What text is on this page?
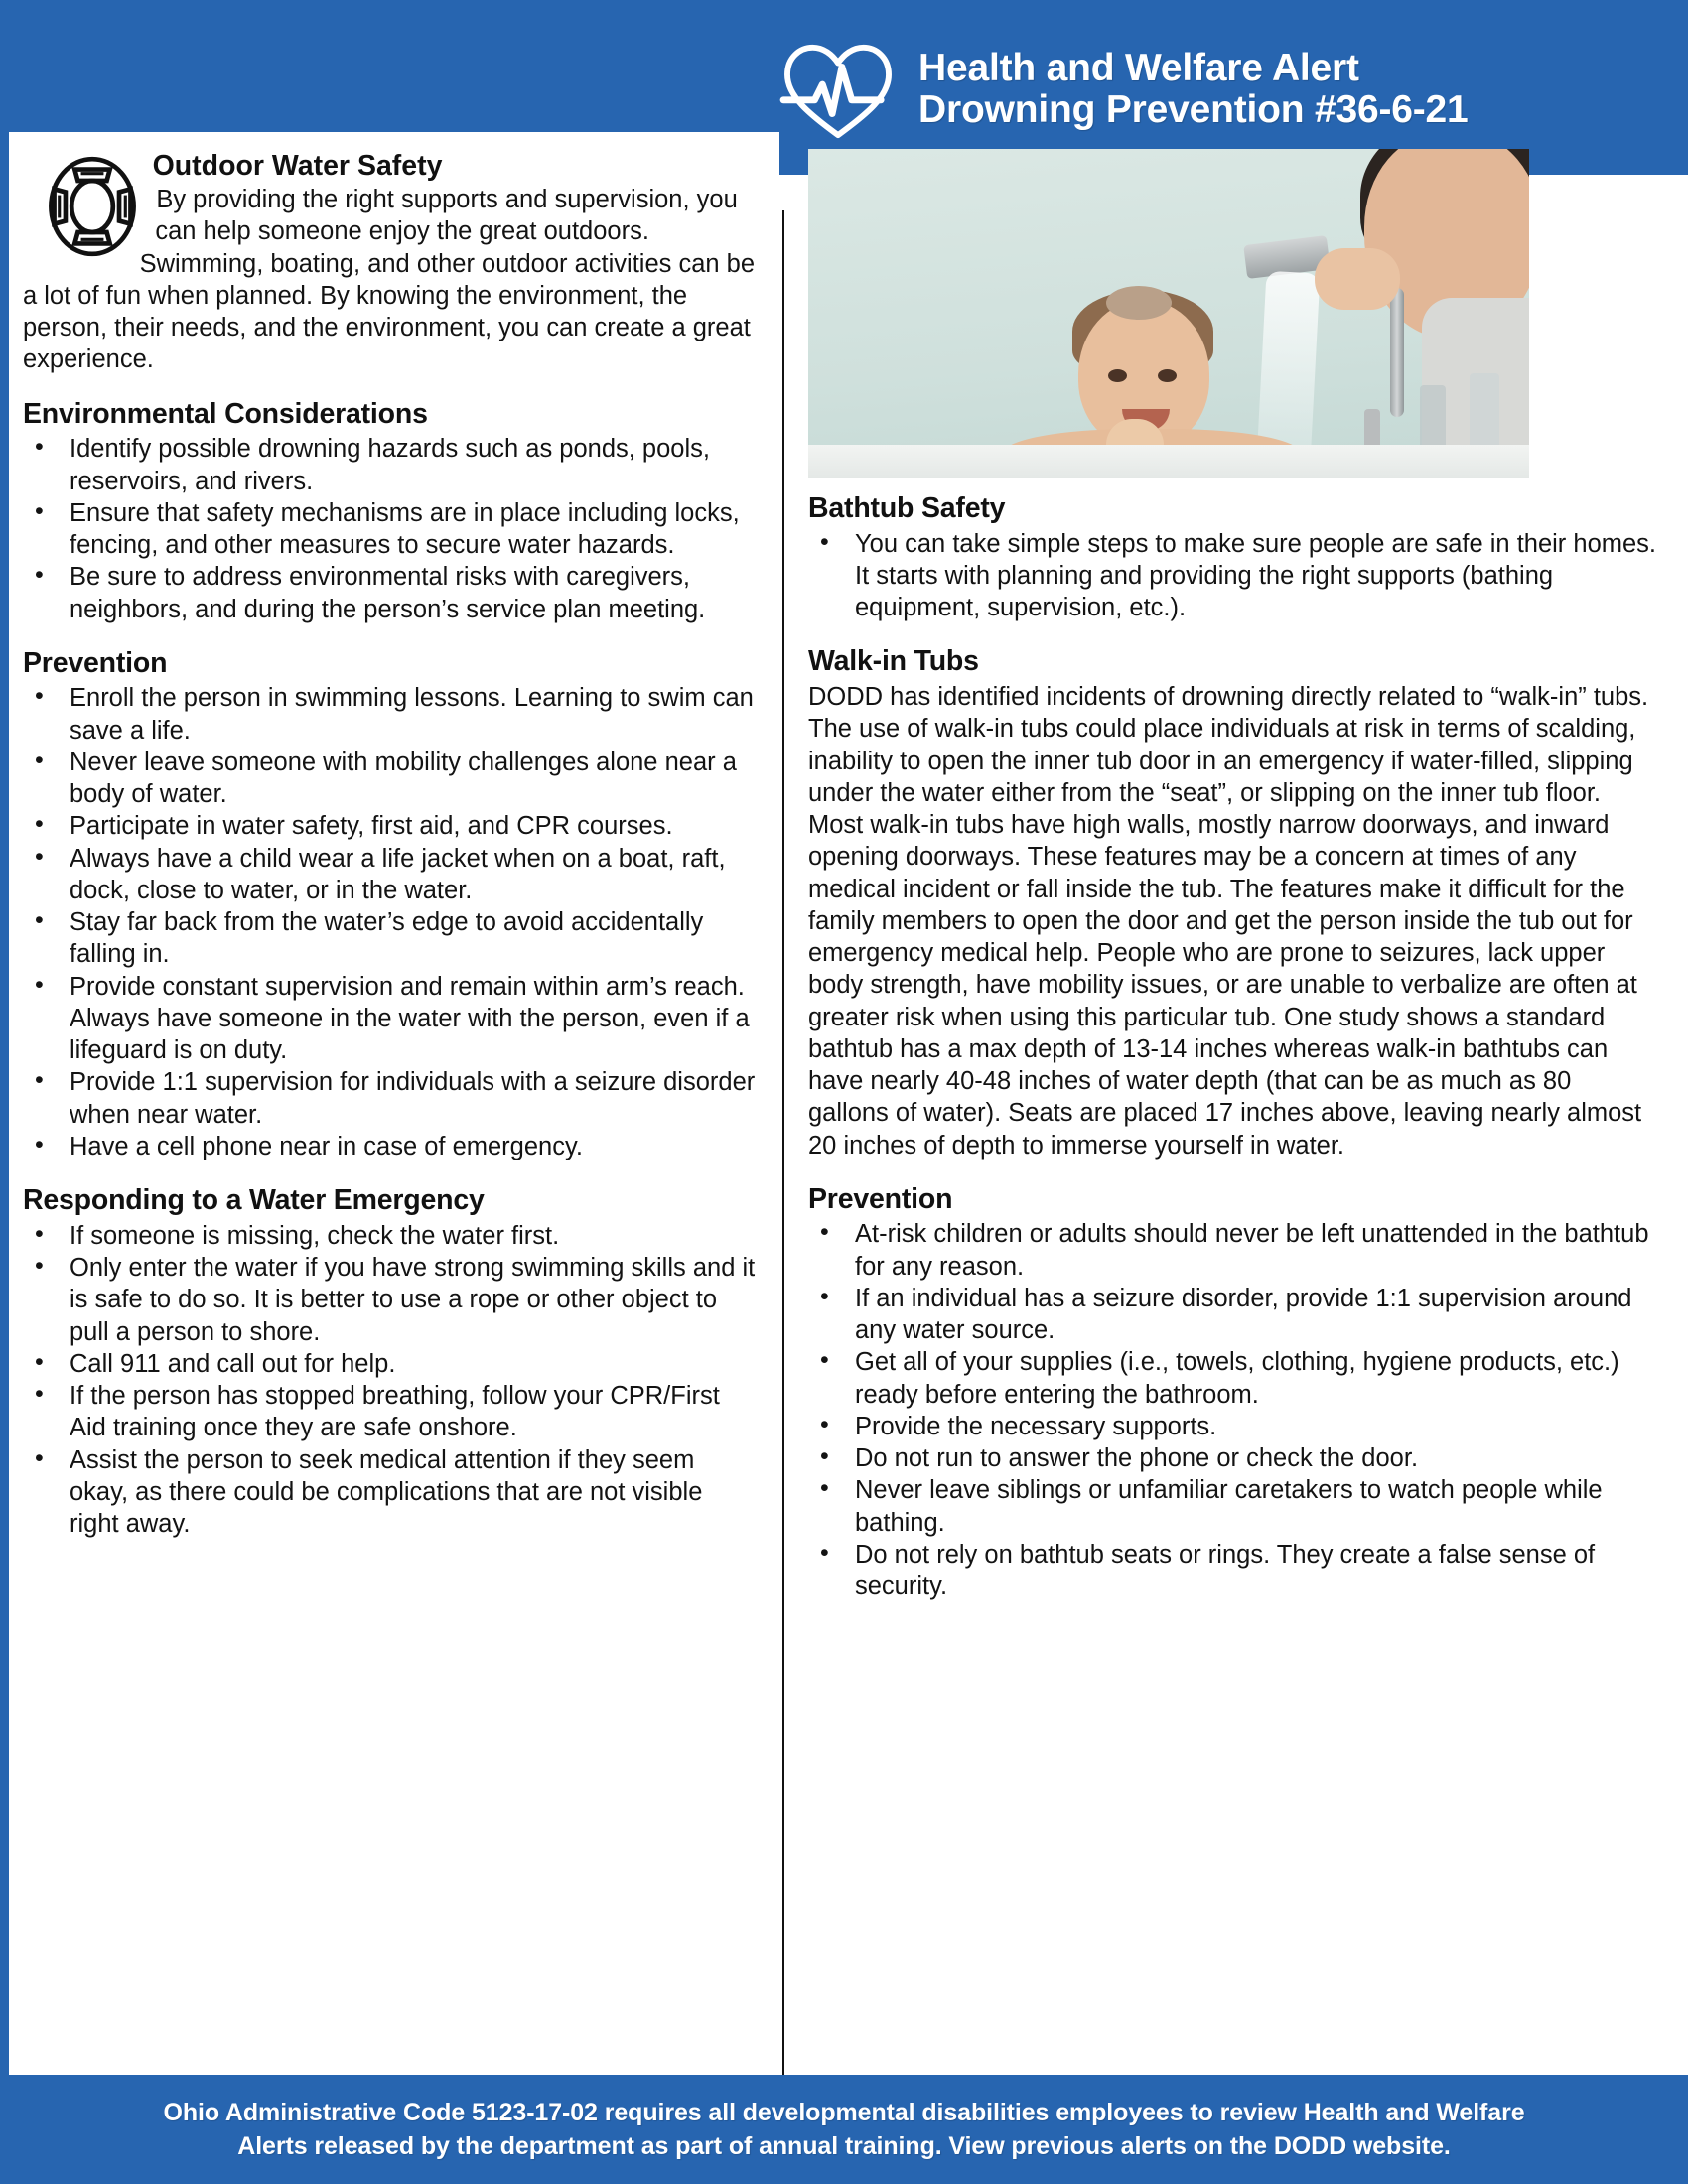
Health and Welfare Alert
Drowning Prevention #36-6-21
Outdoor Water Safety

By providing the right supports and supervision, you can help someone enjoy the great outdoors. Swimming, boating, and other outdoor activities can be a lot of fun when planned. By knowing the environment, the person, their needs, and the environment, you can create a great experience.

Environmental Considerations
• Identify possible drowning hazards such as ponds, pools, reservoirs, and rivers.
• Ensure that safety mechanisms are in place including locks, fencing, and other measures to secure water hazards.
• Be sure to address environmental risks with caregivers, neighbors, and during the person’s service plan meeting.
Prevention
• Enroll the person in swimming lessons. Learning to swim can save a life.
• Never leave someone with mobility challenges alone near a body of water.
• Participate in water safety, first aid, and CPR courses.
• Always have a child wear a life jacket when on a boat, raft, dock, close to water, or in the water.
• Stay far back from the water’s edge to avoid accidentally falling in.
• Provide constant supervision and remain within arm’s reach. Always have someone in the water with the person, even if a lifeguard is on duty.
• Provide 1:1 supervision for individuals with a seizure disorder when near water.
• Have a cell phone near in case of emergency.
Responding to a Water Emergency
• If someone is missing, check the water first.
• Only enter the water if you have strong swimming skills and it is safe to do so. It is better to use a rope or other object to pull a person to shore.
• Call 911 and call out for help.
• If the person has stopped breathing, follow your CPR/First Aid training once they are safe onshore.
• Assist the person to seek medical attention if they seem okay, as there could be complications that are not visible right away.
Bathtub Safety
• You can take simple steps to make sure people are safe in their homes. It starts with planning and providing the right supports (bathing equipment, supervision, etc.).
Walk-in Tubs

DODD has identified incidents of drowning directly related to “walk-in” tubs. The use of walk-in tubs could place individuals at risk in terms of scalding, inability to open the inner tub door in an emergency if water-filled, slipping under the water either from the “seat”, or slipping on the inner tub floor. Most walk-in tubs have high walls, mostly narrow doorways, and inward opening doorways. These features may be a concern at times of any medical incident or fall inside the tub. The features make it difficult for the family members to open the door and get the person inside the tub out for emergency medical help. People who are prone to seizures, lack upper body strength, have mobility issues, or are unable to verbalize are often at greater risk when using this particular tub. One study shows a standard bathtub has a max depth of 13-14 inches whereas walk-in bathtubs can have nearly 40-48 inches of water depth (that can be as much as 80 gallons of water). Seats are placed 17 inches above, leaving nearly almost 20 inches of depth to immerse yourself in water.

Prevention
• At-risk children or adults should never be left unattended in the bathtub for any reason.
• If an individual has a seizure disorder, provide 1:1 supervision around any water source.
• Get all of your supplies (i.e., towels, clothing, hygiene products, etc.) ready before entering the bathroom.
• Provide the necessary supports.
• Do not run to answer the phone or check the door.
• Never leave siblings or unfamiliar caretakers to watch people while bathing.
• Do not rely on bathtub seats or rings. They create a false sense of security.
Ohio Administrative Code 5123-17-02 requires all developmental disabilities employees to review Health and Welfare
Alerts released by the department as part of annual training. View previous alerts on the DODD website.
